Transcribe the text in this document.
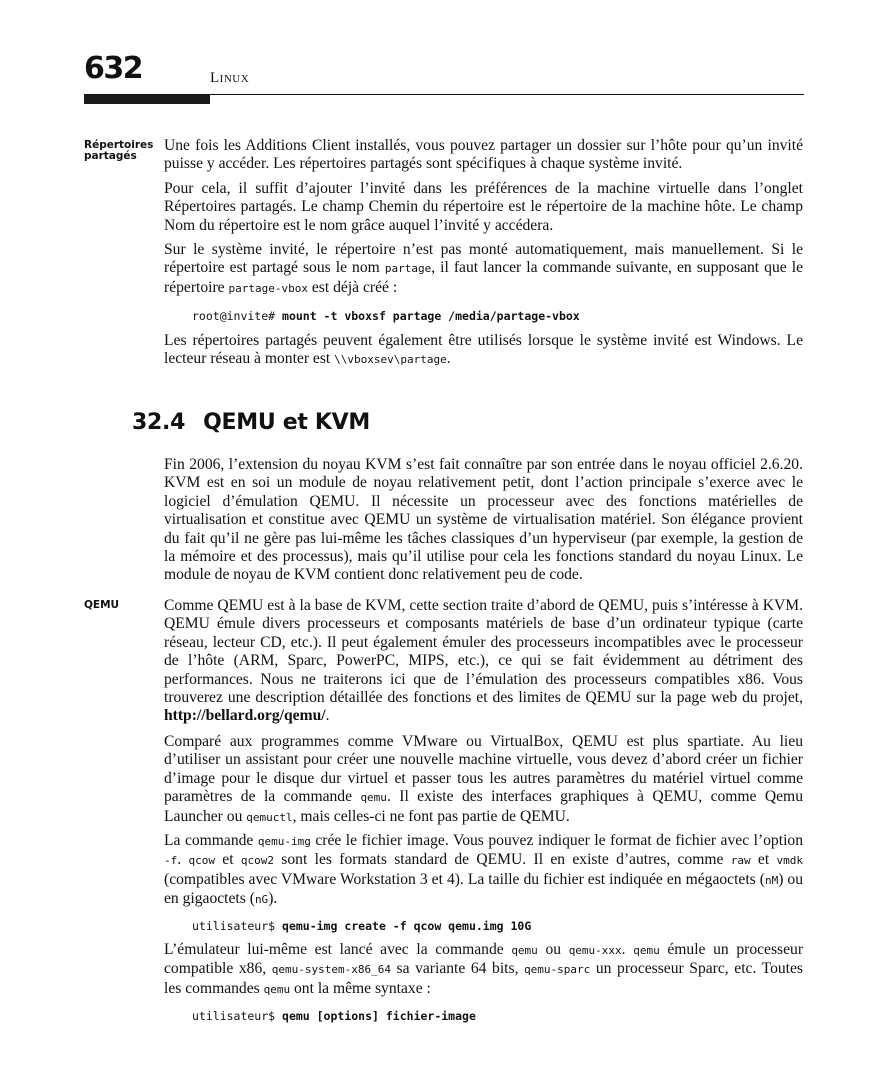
632	Linux
Répertoires
partagés
QEMU

Une fois les Additions Client installés, vous pouvez partager un dossier sur l’hôte pour qu’un invité puisse y accéder. Les répertoires partagés sont spécifiques à chaque système invité.

Pour cela, il suffit d’ajouter l’invité dans les préférences de la machine virtuelle dans l’onglet Répertoires partagés. Le champ Chemin du répertoire est le répertoire de la machine hôte. Le champ Nom du répertoire est le nom grâce auquel l’invité y accédera.

Sur le système invité, le répertoire n’est pas monté automatiquement, mais manuellement. Si le répertoire est partagé sous le nom partage, il faut lancer la commande suivante, en supposant que le répertoire partage-vbox est déjà créé :

root@invite# mount -t vboxsf partage /media/partage-vbox

Les répertoires partagés peuvent également être utilisés lorsque le système invité est Windows. Le lecteur réseau à monter est \\vboxsev\partage.

32.4 QEMU et KVM

Fin 2006, l’extension du noyau KVM s’est fait connaître par son entrée dans le noyau officiel 2.6.20. KVM est en soi un module de noyau relativement petit, dont l’action principale s’exerce avec le logiciel d’émulation QEMU. Il nécessite un processeur avec des fonctions matérielles de virtualisation et constitue avec QEMU un système de virtualisation matériel. Son élégance provient du fait qu’il ne gère pas lui-même les tâches classiques d’un hyperviseur (par exemple, la gestion de la mémoire et des processus), mais qu’il utilise pour cela les fonctions standard du noyau Linux. Le module de noyau de KVM contient donc relativement peu de code.

Comme QEMU est à la base de KVM, cette section traite d’abord de QEMU, puis s’intéresse à KVM. QEMU émule divers processeurs et composants matériels de base d’un ordinateur typique (carte réseau, lecteur CD, etc.). Il peut également émuler des processeurs incompatibles avec le processeur de l’hôte (ARM, Sparc, PowerPC, MIPS, etc.), ce qui se fait évidemment au détriment des performances. Nous ne traiterons ici que de l’émulation des processeurs compatibles x86. Vous trouverez une description détaillée des fonctions et des limites de QEMU sur la page web du projet, http://bellard.org/qemu/.

Comparé aux programmes comme VMware ou VirtualBox, QEMU est plus spartiate. Au lieu d’utiliser un assistant pour créer une nouvelle machine virtuelle, vous devez d’abord créer un fichier d’image pour le disque dur virtuel et passer tous les autres paramètres du matériel virtuel comme paramètres de la commande qemu. Il existe des interfaces graphiques à QEMU, comme Qemu Launcher ou qemuctl, mais celles-ci ne font pas partie de QEMU.

La commande qemu-img crée le fichier image. Vous pouvez indiquer le format de fichier avec l’option -f. qcow et qcow2 sont les formats standard de QEMU. Il en existe d’autres, comme raw et vmdk (compatibles avec VMware Workstation 3 et 4). La taille du fichier est indiquée en mégaoctets (nM) ou en gigaoctets (nG).

utilisateur$ qemu-img create -f qcow qemu.img 10G

L’émulateur lui-même est lancé avec la commande qemu ou qemu-xxx. qemu émule un processeur compatible x86, qemu-system-x86_64 sa variante 64 bits, qemu-sparc un processeur Sparc, etc. Toutes les commandes qemu ont la même syntaxe :

utilisateur$ qemu [options] fichier-image
